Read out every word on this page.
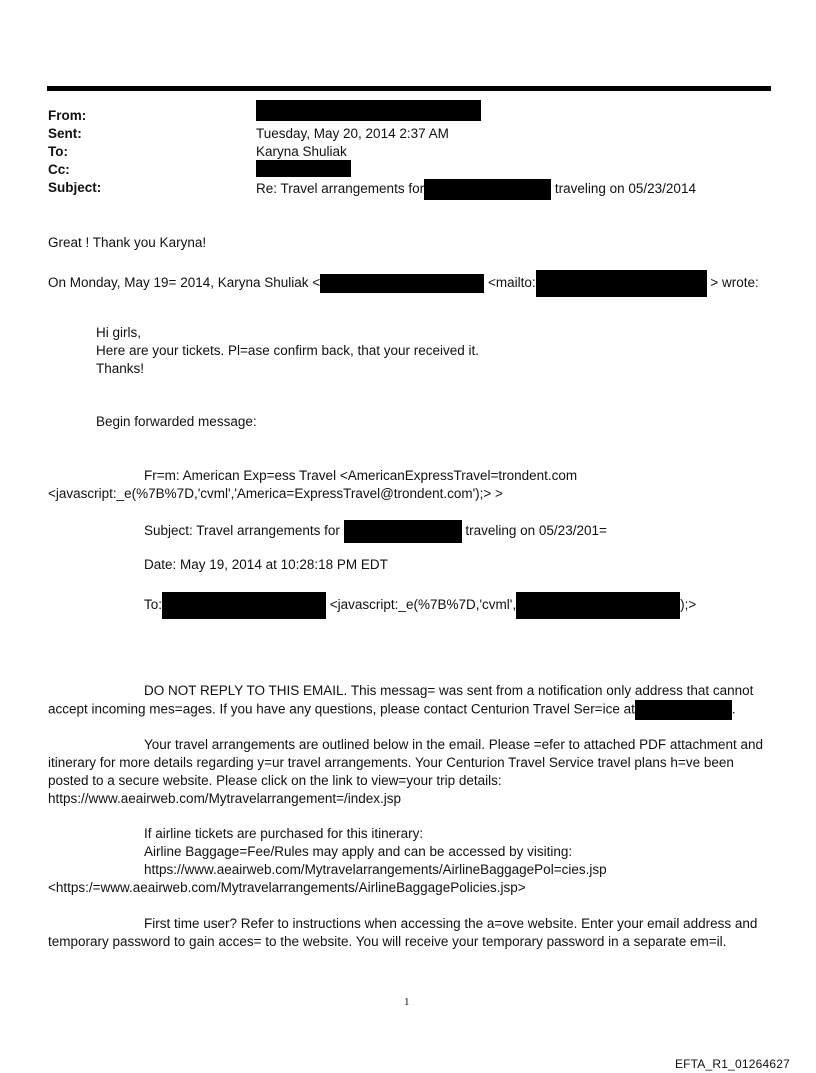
From:
Sent:	Tuesday, May 20, 2014 2:37 AM
To:	Karyna Shuliak
Cc:
Subject:	Re: Travel arrangements for	traveling on 05/23/2014
Great ! Thank you Karyna!
On Monday, May 19= 2014, Karyna Shuliak <	<mailto:	> wrote:
Hi girls,
Here are your tickets. Pl=ase confirm back, that your received it.
Thanks!
Begin forwarded message:
Fr=m: American Exp=ess Travel <AmericanExpressTravel=trondent.com
<javascript:_e(%7B%7D,'cvml','America=ExpressTravel@trondent.com');> >
Subject: Travel arrangements for	traveling on 05/23/201=
Date: May 19, 2014 at 10:28:18 PM EDT
To:	<javascript:_e(%7B%7D,'cvml',	);>
DO NOT REPLY TO THIS EMAIL. This messag= was sent from a notification only address that cannot
accept incoming mes=ages. If you have any questions, please contact Centurion Travel Ser=ice at	.
Your travel arrangements are outlined below in the email. Please =efer to attached PDF attachment and
itinerary for more details regarding y=ur travel arrangements. Your Centurion Travel Service travel plans h=ve been
posted to a secure website. Please click on the link to view=your trip details:
https://www.aeairweb.com/Mytravelarrangement=/index.jsp
If airline tickets are purchased for this itinerary:
Airline Baggage=Fee/Rules may apply and can be accessed by visiting:
https://www.aeairweb.com/Mytravelarrangements/AirlineBaggagePol=cies.jsp
<https:/=www.aeairweb.com/Mytravelarrangements/AirlineBaggagePolicies.jsp>
First time user? Refer to instructions when accessing the a=ove website. Enter your email address and
temporary password to gain acces= to the website. You will receive your temporary password in a separate em=il.
1
EFTA_R1_01264627
